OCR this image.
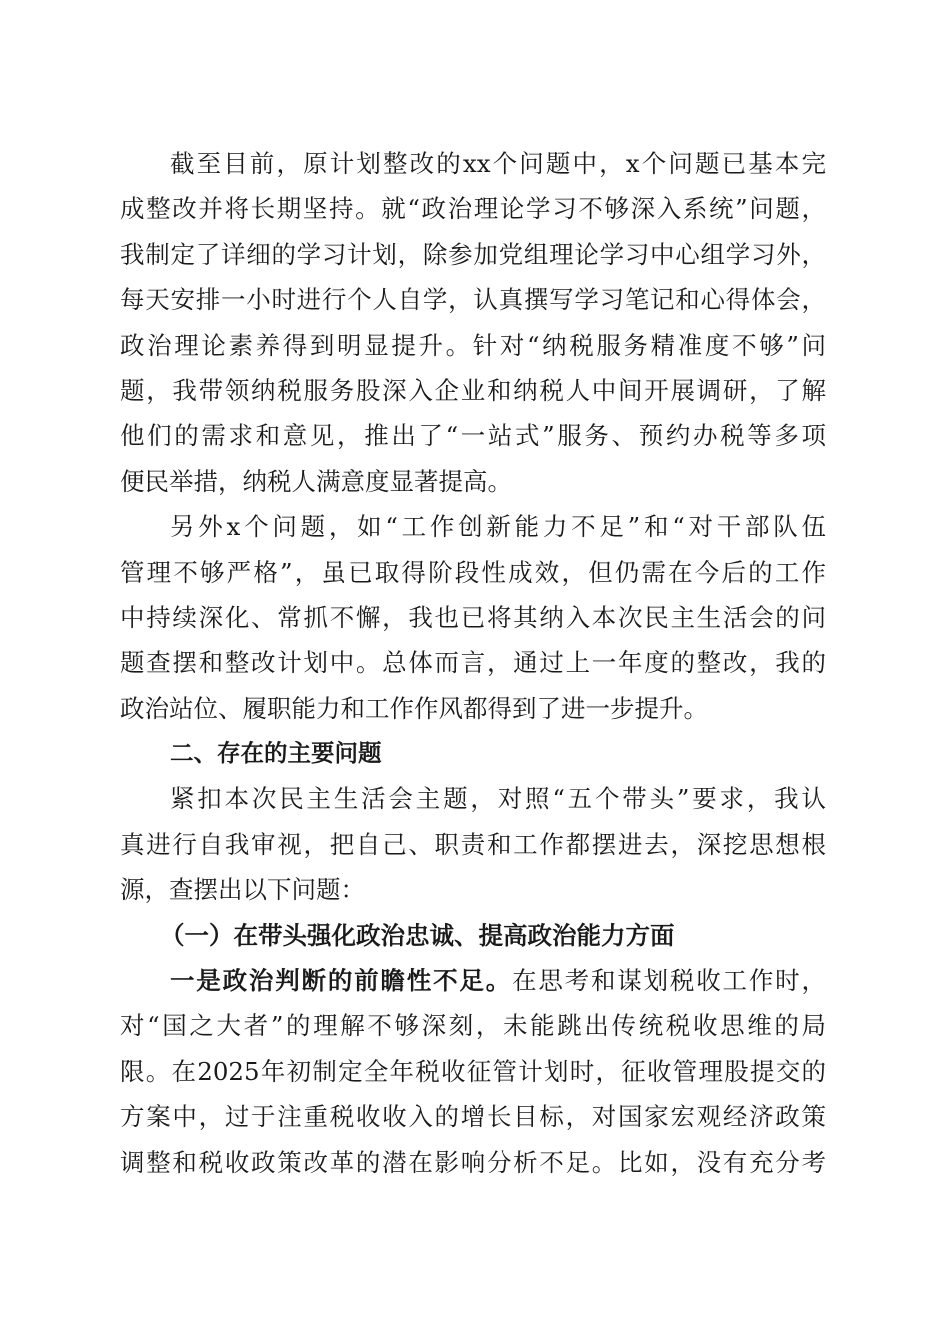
截至目前，原计划整改的xx个问题中，x个问题已基本完
成整改并将长期坚持。就“政治理论学习不够深入系统”问题，
我制定了详细的学习计划，除参加党组理论学习中心组学习外，
每天安排一小时进行个人自学，认真撰写学习笔记和心得体会，
政治理论素养得到明显提升。针对“纳税服务精准度不够”问
题，我带领纳税服务股深入企业和纳税人中间开展调研，了解
他们的需求和意见，推出了“一站式”服务、预约办税等多项
便民举措，纳税人满意度显著提高。
另外x个问题，如“工作创新能力不足”和“对干部队伍
管理不够严格”，虽已取得阶段性成效，但仍需在今后的工作
中持续深化、常抓不懈，我也已将其纳入本次民主生活会的问
题查摆和整改计划中。总体而言，通过上一年度的整改，我的
政治站位、履职能力和工作作风都得到了进一步提升。
二、存在的主要问题
紧扣本次民主生活会主题，对照“五个带头”要求，我认
真进行自我审视，把自己、职责和工作都摆进去，深挖思想根
源，查摆出以下问题：
（一）在带头强化政治忠诚、提高政治能力方面
一是政治判断的前瞻性不足。在思考和谋划税收工作时，
对“国之大者”的理解不够深刻，未能跳出传统税收思维的局
限。在2025年初制定全年税收征管计划时，征收管理股提交的
方案中，过于注重税收收入的增长目标，对国家宏观经济政策
调整和税收政策改革的潜在影响分析不足。比如，没有充分考
